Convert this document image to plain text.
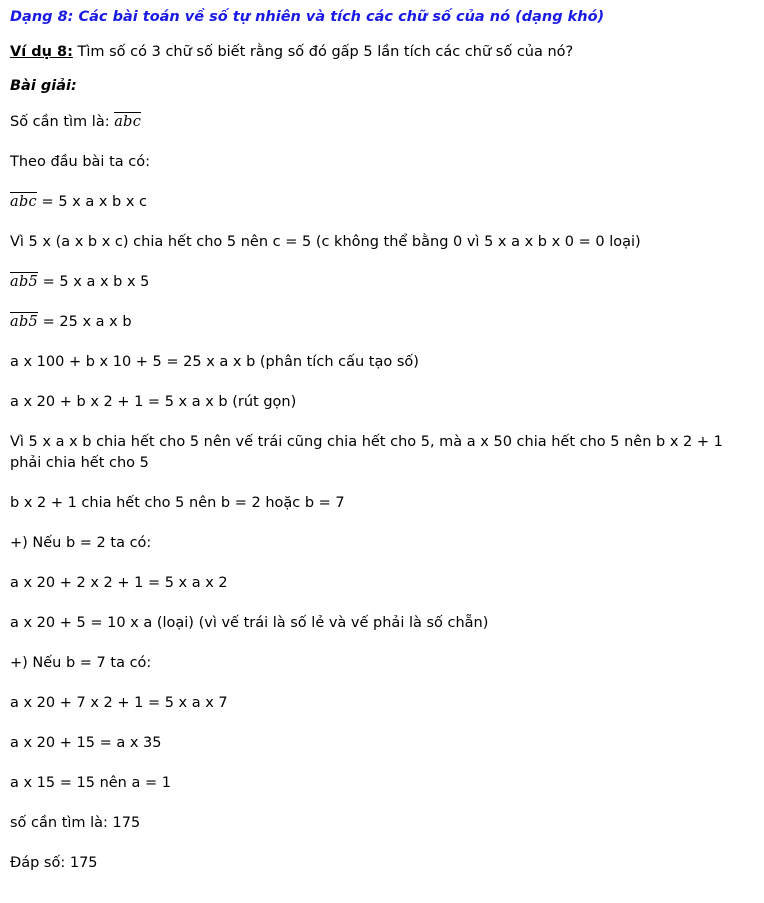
Dạng 8: Các bài toán về số tự nhiên và tích các chữ số của nó (dạng khó)
Ví dụ 8: Tìm số có 3 chữ số biết rằng số đó gấp 5 lần tích các chữ số của nó?
Bài giải:
Số cần tìm là: abc
Theo đầu bài ta có:
abc = 5 x a x b x c
Vì 5 x (a x b x c) chia hết cho 5 nên c = 5 (c không thể bằng 0 vì 5 x a x b x 0 = 0 loại)
ab5 = 5 x a x b x 5
ab5 = 25 x a x b
a x 100 + b x 10 + 5 = 25 x a x b (phân tích cấu tạo số)
a x 20 + b x 2 + 1 = 5 x a x b (rút gọn)
Vì 5 x a x b chia hết cho 5 nên vế trái cũng chia hết cho 5, mà a x 50 chia hết cho 5 nên b x 2 + 1 phải chia hết cho 5
b x 2 + 1 chia hết cho 5 nên b = 2 hoặc b = 7
+) Nếu b = 2 ta có:
a x 20 + 2 x 2 + 1 = 5 x a x 2
a x 20 + 5 = 10 x a (loại) (vì vế trái là số lẻ và vế phải là số chẵn)
+) Nếu b = 7 ta có:
a x 20 + 7 x 2 + 1 = 5 x a x 7
a x 20 + 15 = a x 35
a x 15 = 15 nên a = 1
số cần tìm là: 175
Đáp số: 175
